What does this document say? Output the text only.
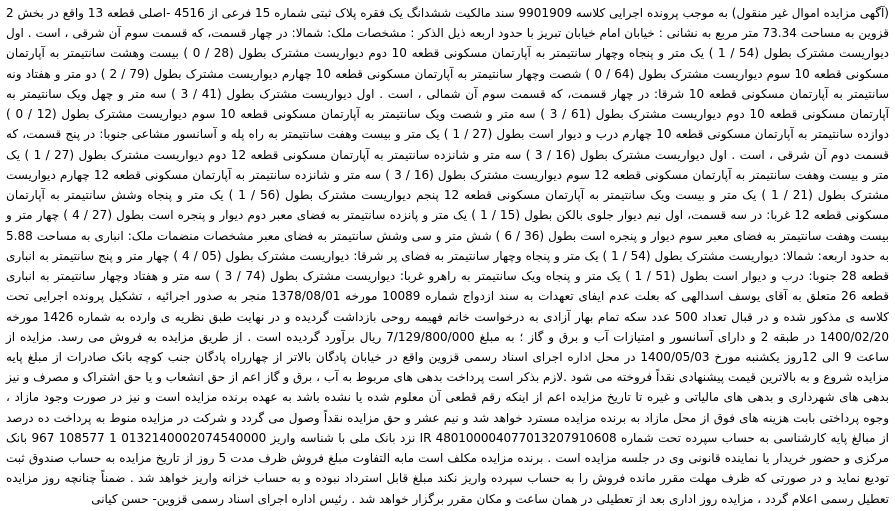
(آگهی مزایده اموال غیر منقول) به موجب پرونده اجرایی کلاسه 9901909 سند مالکیت ششدانگ یک فقره پلاک ثبتی شماره 15 فرعی از 4516 -اصلی قطعه 13 واقع در بخش 2 قزوین به مساحت 73.34 متر مربع به نشانی : خیابان امام خیابان تبریز با حدود اربعه ذیل الذکر : مشخصات ملک: شمالا: در چهار قسمت، که قسمت سوم آن شرقی ، است . اول دیواریست مشترک بطول (54 / 1 ) یک متر و پنجاه وچهار سانتیمتر به آپارتمان مسکونی قطعه 10 دوم دیواریست مشترک بطول (28 / 0 ) بیست وهشت سانتیمتر به آپارتمان مسکونی قطعه 10 سوم دیواریست مشترک بطول (64 / 0 ) شصت وچهار سانتیمتر به آپارتمان مسکونی قطعه 10 چهارم دیواریست مشترک بطول (79 / 2 ) دو متر و هفتاد ونه سانتیمتر به آپارتمان مسکونی قطعه 10 شرقا: در چهار قسمت، که قسمت سوم آن شمالی ، است . اول دیواریست مشترک بطول (41 / 3 ) سه متر و چهل ویک سانتیمتر به آپارتمان مسکونی قطعه 10 دوم دیواریست مشترک بطول (61 / 3 ) سه متر و شصت ویک سانتیمتر به آپارتمان مسکونی قطعه 10 سوم دیواریست مشترک بطول (12 / 0 ) دوازده سانتیمتر به آپارتمان مسکونی قطعه 10 چهارم درب و دیوار است بطول (27 / 1 ) یک متر و بیست وهفت سانتیمتر به راه پله و آسانسور مشاعی جنوبا: در پنج قسمت، که قسمت دوم آن شرقی ، است . اول دیواریست مشترک بطول (16 / 3 ) سه متر و شانزده سانتیمتر به آپارتمان مسکونی قطعه 12 دوم دیواریست مشترک بطول (27 / 1 ) یک متر و بیست وهفت سانتیمتر به آپارتمان مسکونی قطعه 12 سوم دیواریست مشترک بطول (16 / 3 ) سه متر و شانزده سانتیمتر به آپارتمان مسکونی قطعه 12 چهارم دیواریست مشترک بطول (21 / 1 ) یک متر و بیست ویک سانتیمتر به آپارتمان مسکونی قطعه 12 پنجم دیواریست مشترک بطول (56 / 1 ) یک متر و پنجاه وشش سانتیمتر به آپارتمان مسکونی قطعه 12 غربا: در سه قسمت، اول نیم دیوار جلوی بالکن بطول (15 / 1 ) یک متر و پانزده سانتیمتر به فضای معبر دوم دیوار و پنجره است بطول (27 / 4 ) چهار متر و بیست وهفت سانتیمتر به فضای معبر سوم دیوار و پنجره است بطول (36 / 6 ) شش متر و سی وشش سانتیمتر به فضای معبر مشخصات منضمات ملک: انباری به مساحت 5.88 به حدود اربعه: شمالا: دیواریست مشترک بطول (54 / 1 ) یک متر و پنجاه وچهار سانتیمتر به فضای پر شرقا: دیواریست مشترک بطول (05 / 4 ) چهار متر و پنج سانتیمتر به انباری قطعه 28 جنوبا: درب و دیوار است بطول (51 / 1 ) یک متر و پنجاه ویک سانتیمتر به راهرو غربا: دیواریست مشترک بطول (74 / 3 ) سه متر و هفتاد وچهار سانتیمتر به انباری قطعه 26 متعلق به آقای یوسف اسدالهی که بعلت عدم ایفای تعهدات به سند ازدواج شماره 10089 مورخه 1378/08/01 منجر به صدور اجرائیه ، تشکیل پرونده اجرایی تحت کلاسه ی مذکور شده و در قبال تعداد 500 عدد سکه تمام بهار آزادی به درخواست خانم فهیمه روحی بازداشت گردیده و در نهایت طبق نظریه ی وارده به شماره 1426 مورخه 1400/02/20 در طبقه 2 و دارای آسانسور و امتیازات آب و برق و گاز ؛ به مبلغ 7/129/800/000 ریال برآورد گردیده است . از طریق مزایده به فروش می رسد. مزایده از ساعت 9 الی 12روز یکشنبه مورخ 1400/05/03 در محل اداره اجرای اسناد رسمی قزوین واقع در خیابان پادگان بالاتر از چهارراه پادگان جنب کوچه بانک صادرات از مبلغ پایه مزایده شروع و به بالاترین قیمت پیشنهادی نقداً فروخته می شود .لازم بذکر است پرداخت بدهی های مربوط به آب ، برق و گاز اعم از حق انشعاب و یا حق اشتراک و مصرف و نیز بدهی های شهرداری و بدهی های مالیاتی و غیره تا تاریخ مزایده اعم از اینکه رقم قطعی آن معلوم شده یا نشده باشد به عهده برنده مزایده است و نیز در صورت وجود مازاد ، وجوه پرداختی بابت هزینه های فوق از محل مازاد به برنده مزایده مسترد خواهد شد و نیم عشر و حق مزایده نقداً وصول می گردد و شرکت در مزایده منوط به پرداخت ده درصد از مبالغ پایه کارشناسی به حساب سپرده تحت شماره IR 480100004077013207910608 نزد بانک ملی با شناسه واریز 0132140002074540000 1 108577 967 بانک مرکزی و حضور خریدار یا نماینده قانونی وی در جلسه مزایده است . برنده مزایده مکلف است مابه التفاوت مبلغ فروش ظرف مدت 5 روز از تاریخ مزایده به حساب صندوق ثبت تودیع نماید و در صورتی که ظرف مهلت مقرر مانده فروش را به حساب سپرده واریز نکند مبلغ قابل استرداد نبوده و به حساب خزانه واریز خواهد شد . ضمناً چنانچه روز مزایده تعطیل رسمی اعلام گردد ، مزایده روز اداری بعد از تعطیلی در همان ساعت و مکان مقرر برگزار خواهد شد . رئیس اداره اجرای اسناد رسمی قزوین- حسن کیانی
